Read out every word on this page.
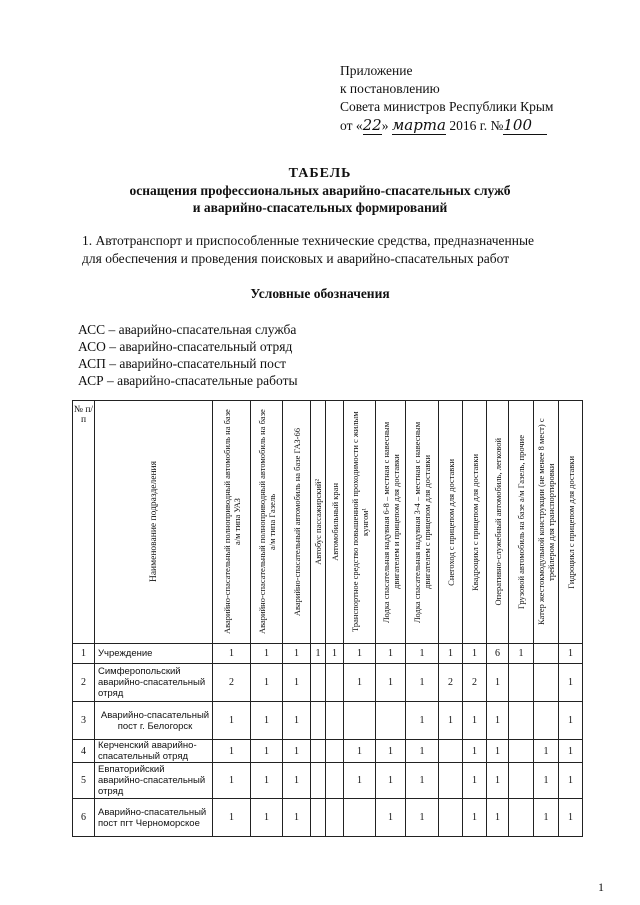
Приложение
к постановлению
Совета министров Республики Крым
от «22» марта 2016 г. №100
ТАБЕЛЬ
оснащения профессиональных аварийно-спасательных служб
и аварийно-спасательных формирований
1. Автотранспорт и приспособленные технические средства, предназначенные
для обеспечения и проведения поисковых и аварийно-спасательных работ
Условные обозначения
АСС – аварийно-спасательная служба
АСО – аварийно-спасательный отряд
АСП – аварийно-спасательный пост
АСР – аварийно-спасательные работы
№ п/п	Наименование подразделения	Аварийно-спасательный полноприводный автомобиль на базе а/м типа УАЗ	Аварийно-спасательный полноприводный автомобиль на базе а/м типа Газель	Аварийно-спасательный автомобиль на базе ГАЗ-66	Автобус пассажирский²	Автомобильный кран	Транспортное средство повышенной проходимости с жилым кунгом¹	Лодка спасательная надувная 6-8 – местная с навесным двигателем и прицепом для доставки	Лодка спасательная надувная 3-4 – местная с навесным двигателем с прицепом для доставки	Снегоход с прицепом для доставки	Квадроцикл с прицепом для доставки	Оперативно-служебный автомобиль, легковой	Грузовой автомобиль на базе а/м Газель, прочие	Катер жестокмодульной конструкции (не менее 8 мест) с трейлером для транспортировки	Гидроцикл с прицепом для доставки

1	Учреждение	1	1	1	1	1	1	1	1	1	1	6	1		1
2	Симферопольский аварийно-спасательный отряд	2	1	1			1	1	1	2	2	1			1
3	Аварийно-спасательный пост г. Белогорск	1	1	1					1	1	1	1			1
4	Керченский аварийно-спасательный отряд	1	1	1			1	1	1		1	1		1	1
5	Евпаторийский аварийно-спасательный отряд	1	1	1			1	1	1		1	1		1	1
6	Аварийно-спасательный пост пгт Черноморское	1	1	1				1	1		1	1		1	1
1
